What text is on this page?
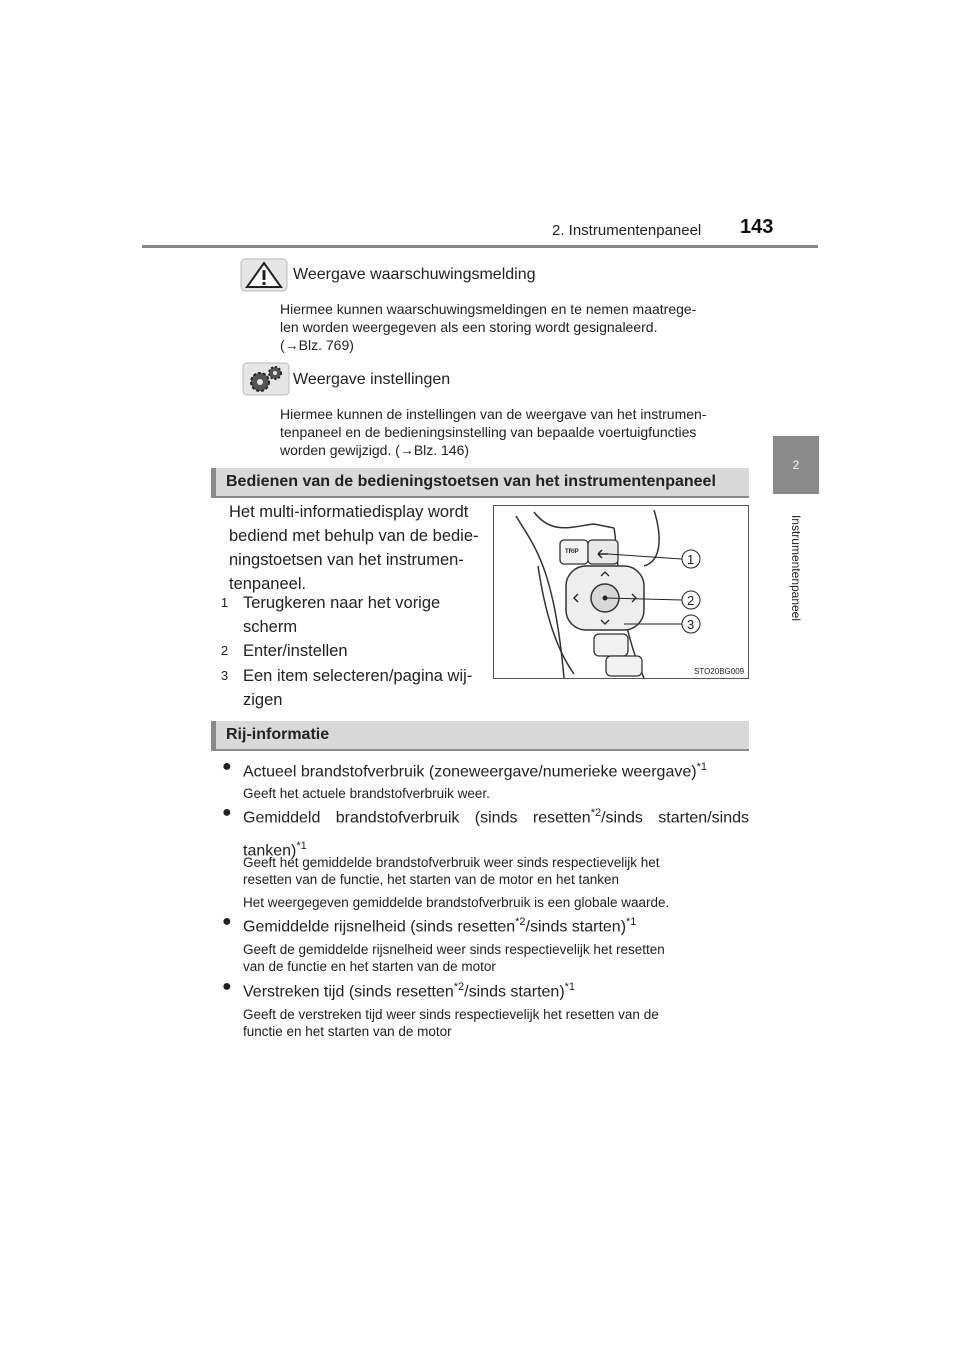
2. Instrumentenpaneel 143
2
Instrumentenpaneel
Weergave waarschuwingsmelding
Hiermee kunnen waarschuwingsmeldingen en te nemen maatrege-
len worden weergegeven als een storing wordt gesignaleerd.
(→Blz. 769)
Weergave instellingen
Hiermee kunnen de instellingen van de weergave van het instrumen-
tenpaneel en de bedieningsinstelling van bepaalde voertuigfuncties
worden gewijzigd. (→Blz. 146)
Bedienen van de bedieningstoetsen van het instrumentenpaneel
Het multi-informatiedisplay wordt
bediend met behulp van de bedie-
ningstoetsen van het instrumen-
tenpaneel.
1 Terugkeren naar het vorige
scherm
2 Enter/instellen
3 Een item selecteren/pagina wij-
zigen
TRIP	1
2
3
STO20BG009
Rij-informatie
● Actueel brandstofverbruik (zoneweergave/numerieke weergave)$^{*1}$
Geeft het actuele brandstofverbruik weer.
● Gemiddeld brandstofverbruik (sinds resetten$^{*2}$/sinds starten/sinds
tanken)$^{*1}$
Geeft het gemiddelde brandstofverbruik weer sinds respectievelijk het
resetten van de functie, het starten van de motor en het tanken
Het weergegeven gemiddelde brandstofverbruik is een globale waarde.
● Gemiddelde rijsnelheid (sinds resetten$^{*2}$/sinds starten)$^{*1}$
Geeft de gemiddelde rijsnelheid weer sinds respectievelijk het resetten
van de functie en het starten van de motor
● Verstreken tijd (sinds resetten$^{*2}$/sinds starten)$^{*1}$
Geeft de verstreken tijd weer sinds respectievelijk het resetten van de
functie en het starten van de motor
